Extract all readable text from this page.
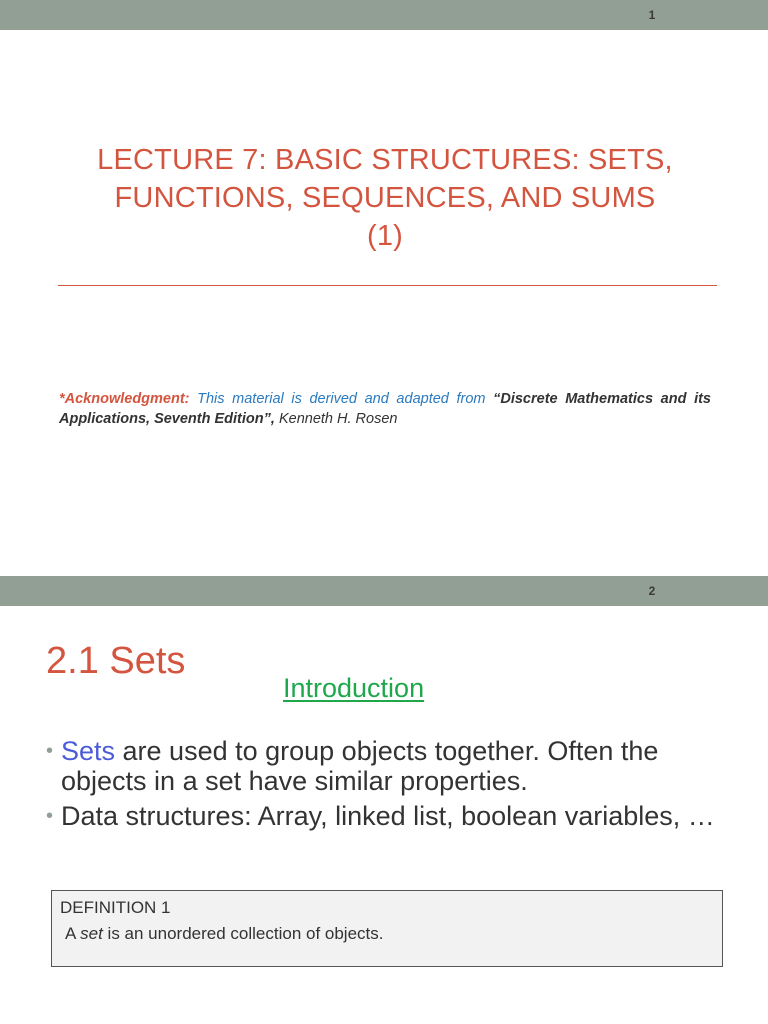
1
LECTURE 7: BASIC STRUCTURES: SETS,
FUNCTIONS, SEQUENCES, AND SUMS
(1)
*Acknowledgment: This material is derived and adapted from “Discrete Mathematics and its Applications, Seventh Edition”, Kenneth H. Rosen
2
2.1 Sets
Introduction
• Sets are used to group objects together. Often the objects in a set have similar properties.
• Data structures: Array, linked list, boolean variables, …
DEFINITION 1
A set is an unordered collection of objects.
